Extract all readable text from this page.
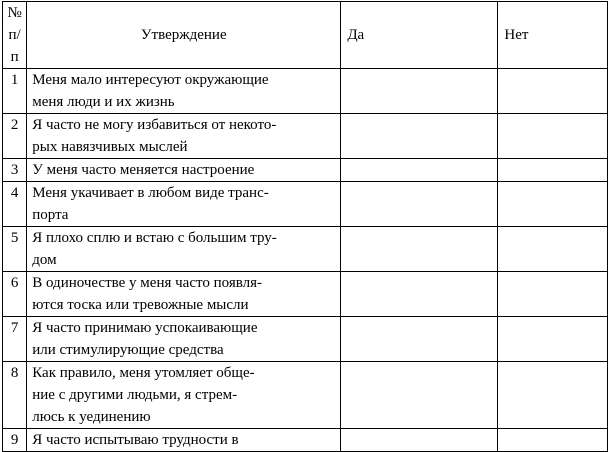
№ п/п	Утверждение	Да	Нет
1	Меня мало интересуют окружающие
меня люди и их жизнь		

2	Я часто не могу избавиться от некото-
рых навязчивых мыслей		

3	У меня часто меняется настроение		

4	Меня укачивает в любом виде транс-
порта		

5	Я плохо сплю и встаю с большим тру-
дом		

6	В одиночестве у меня часто появля-
ются тоска или тревожные мысли		

7	Я часто принимаю успокаивающие
или стимулирующие средства		

8	Как правило, меня утомляет обще-
ние с другими людьми, я стрем-
люсь к уединению		

9	Я часто испытываю трудности в		
